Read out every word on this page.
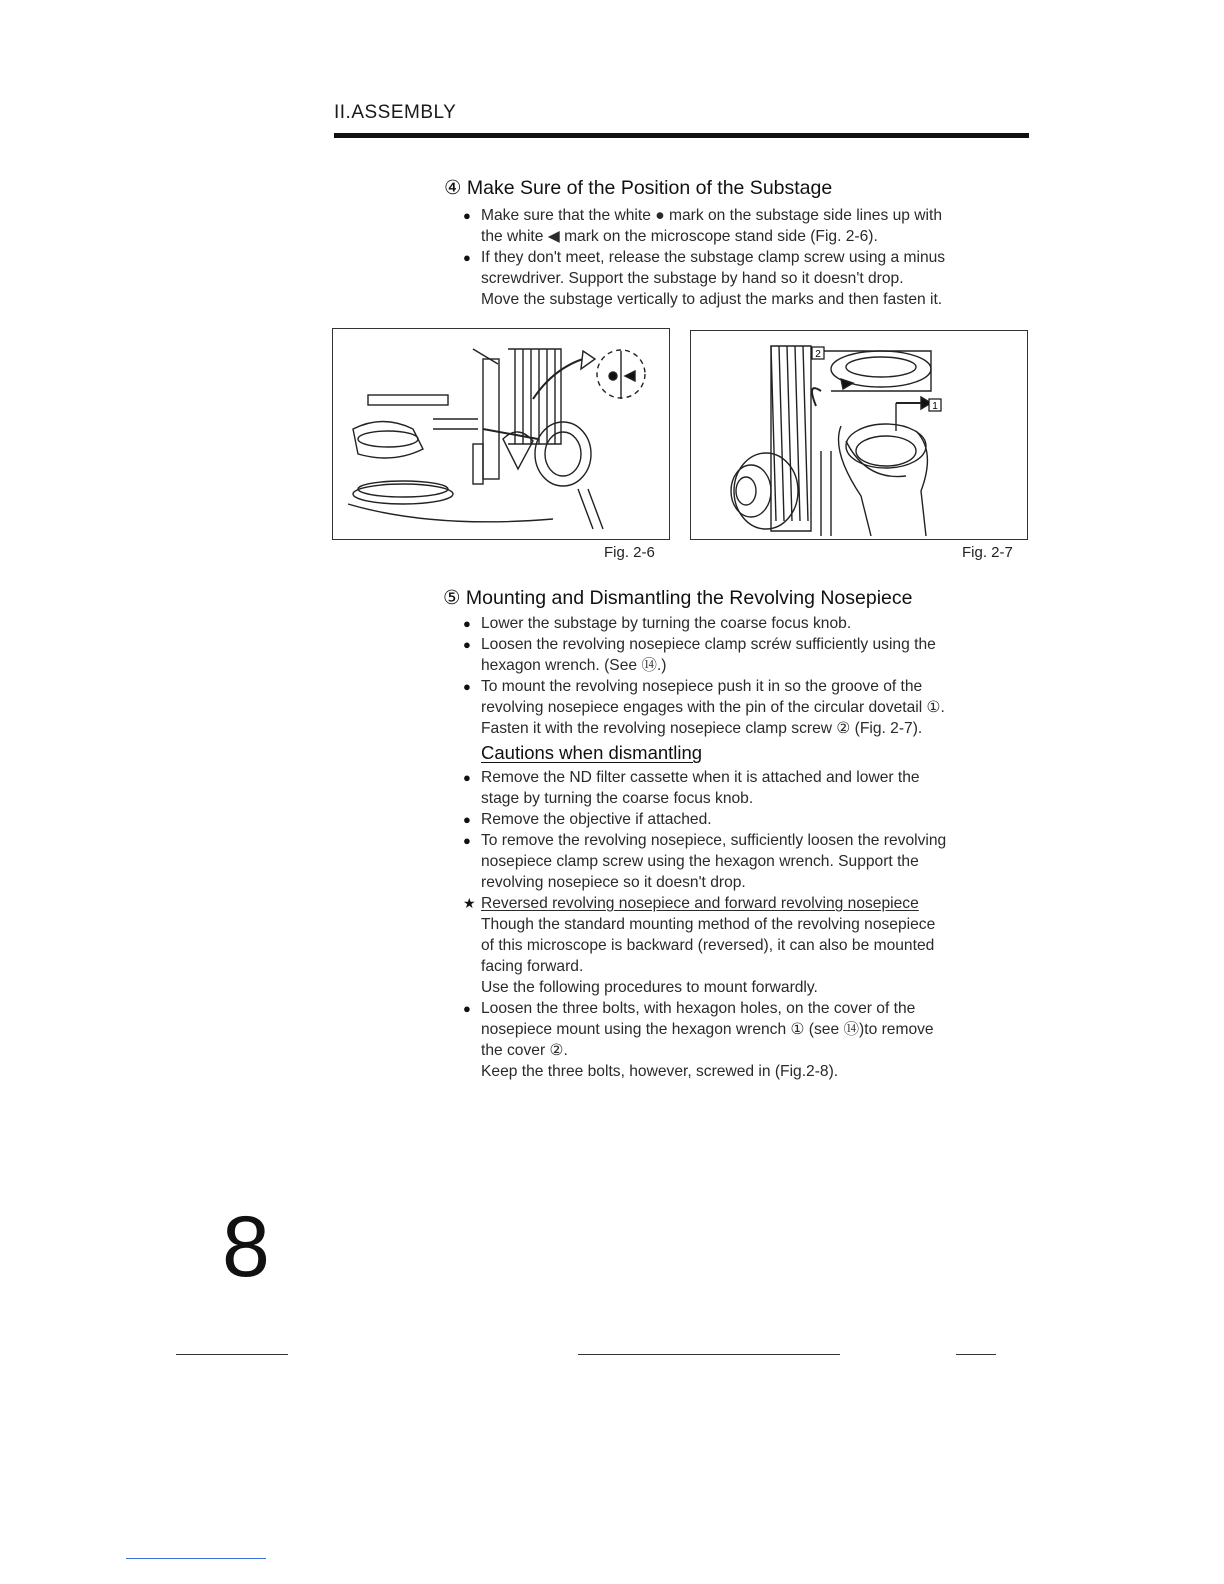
II.ASSEMBLY
④ Make Sure of the Position of the Substage
● Make sure that the white ● mark on the substage side lines up with
the white ◀ mark on the microscope stand side (Fig. 2-6).
● If they don't meet, release the substage clamp screw using a minus
screwdriver. Support the substage by hand so it doesn't drop.
Move the substage vertically to adjust the marks and then fasten it.
Fig. 2-6
2
1
Fig. 2-7
⑤ Mounting and Dismantling the Revolving Nosepiece
● Lower the substage by turning the coarse focus knob.
● Loosen the revolving nosepiece clamp scréw sufficiently using the
hexagon wrench. (See ⑭.)
● To mount the revolving nosepiece push it in so the groove of the
revolving nosepiece engages with the pin of the circular dovetail ①.
Fasten it with the revolving nosepiece clamp screw ② (Fig. 2-7).
Cautions when dismantling
● Remove the ND filter cassette when it is attached and lower the
stage by turning the coarse focus knob.
● Remove the objective if attached.
● To remove the revolving nosepiece, sufficiently loosen the revolving
nosepiece clamp screw using the hexagon wrench. Support the
revolving nosepiece so it doesn't drop.
★ Reversed revolving nosepiece and forward revolving nosepiece
Though the standard mounting method of the revolving nosepiece
of this microscope is backward (reversed), it can also be mounted
facing forward.
Use the following procedures to mount forwardly.
● Loosen the three bolts, with hexagon holes, on the cover of the
nosepiece mount using the hexagon wrench ① (see ⑭)to remove
the cover ②.
Keep the three bolts, however, screwed in (Fig.2-8).
8
